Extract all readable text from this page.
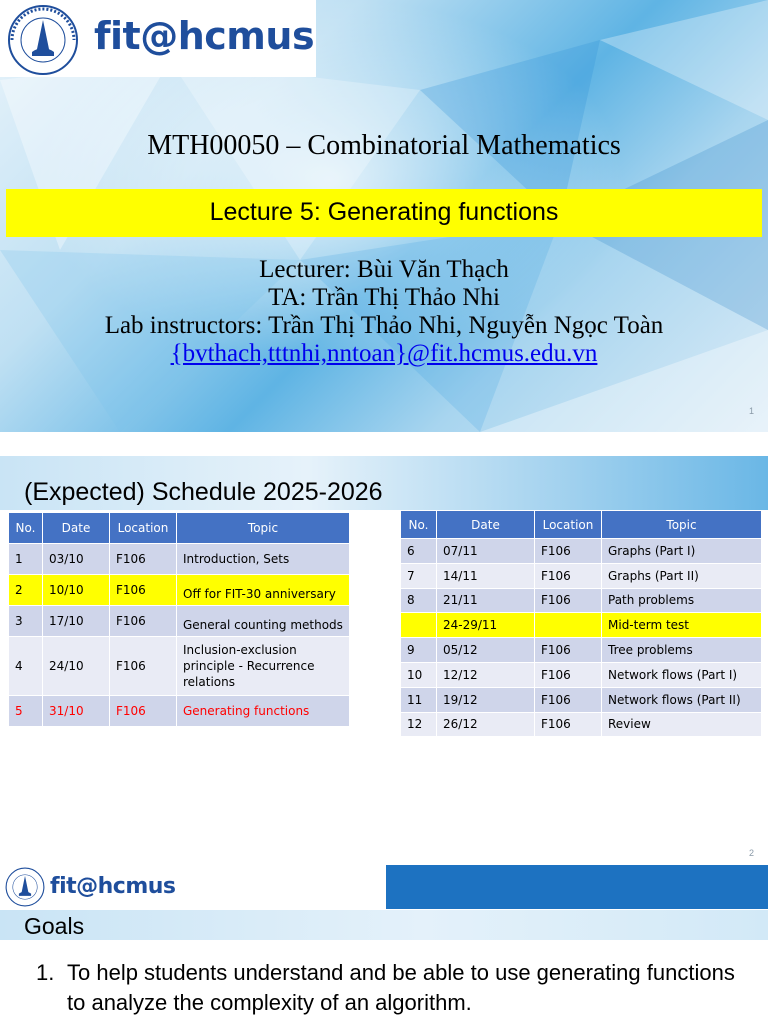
fit@hcmus
MTH00050 – Combinatorial Mathematics
Lecture 5: Generating functions
Lecturer: Bùi Văn Thạch
TA: Trần Thị Thảo Nhi
Lab instructors: Trần Thị Thảo Nhi, Nguyễn Ngọc Toàn
{bvthach,tttnhi,nntoan}@fit.hcmus.edu.vn
1
(Expected) Schedule 2025-2026
No.	Date	Location	Topic
1	03/10	F106	Introduction, Sets
2	10/10	F106	Off for FIT-30 anniversary
3	17/10	F106	General counting methods
4	24/10	F106	Inclusion-exclusion principle - Recurrence relations
5	31/10	F106	Generating functions
No.	Date	Location	Topic
6	07/11	F106	Graphs (Part I)
7	14/11	F106	Graphs (Part II)
8	21/11	F106	Path problems
	24-29/11		Mid-term test
9	05/12	F106	Tree problems
10	12/12	F106	Network flows (Part I)
11	19/12	F106	Network flows (Part II)
12	26/12	F106	Review
2
fit@hcmus
Goals
1. To help students understand and be able to use generating functions to analyze the complexity of an algorithm.
